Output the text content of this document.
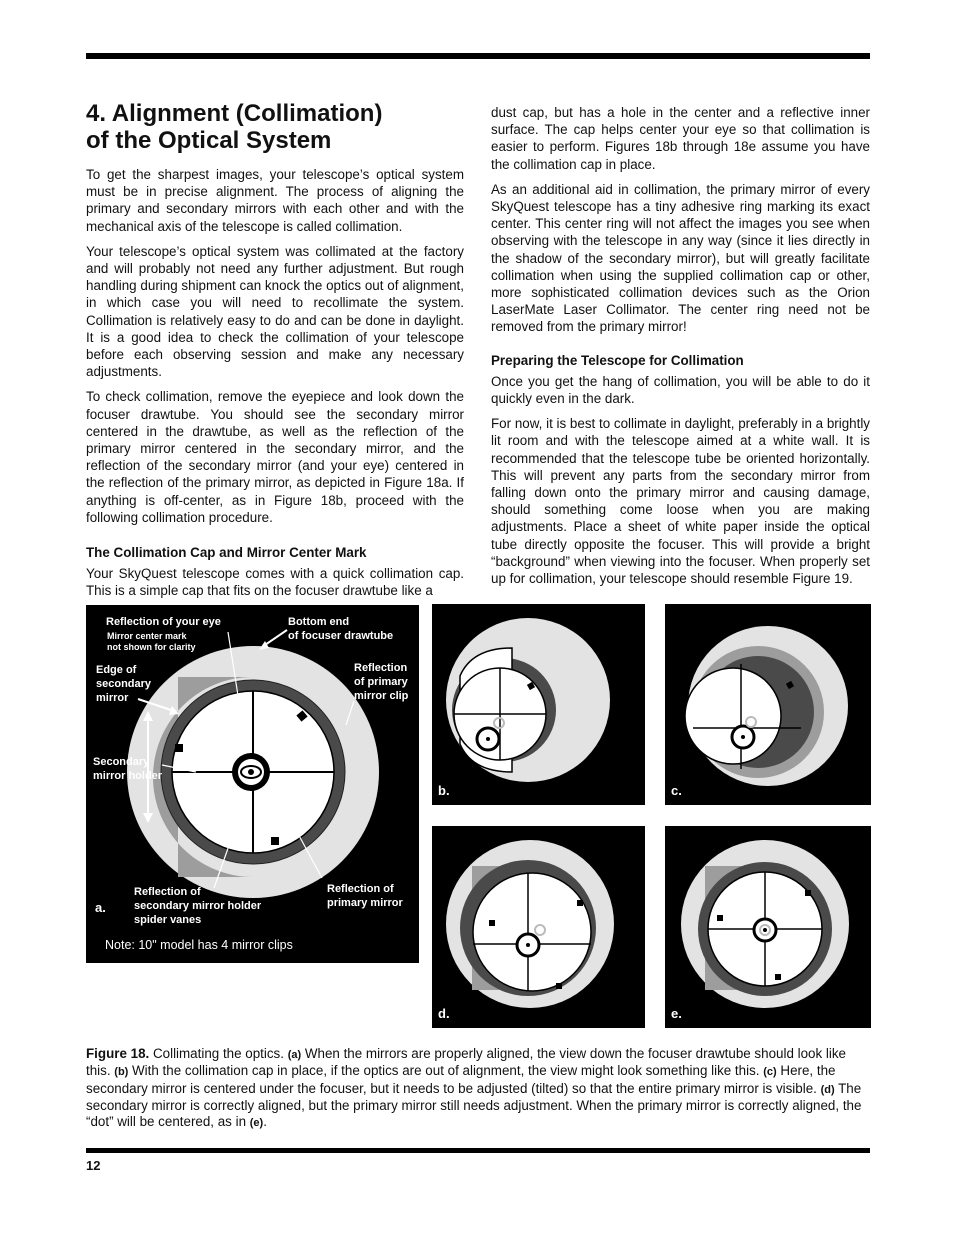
4. Alignment (Collimation)
of the Optical System

To get the sharpest images, your telescope’s optical system must be in precise alignment. The process of aligning the primary and secondary mirrors with each other and with the mechanical axis of the telescope is called collimation.

Your telescope’s optical system was collimated at the factory and will probably not need any further adjustment. But rough handling during shipment can knock the optics out of alignment, in which case you will need to recollimate the system. Collimation is relatively easy to do and can be done in daylight. It is a good idea to check the collimation of your telescope before each observing session and make any necessary adjustments.

To check collimation, remove the eyepiece and look down the focuser drawtube. You should see the secondary mirror centered in the drawtube, as well as the reflection of the primary mirror centered in the secondary mirror, and the reflection of the secondary mirror (and your eye) centered in the reflection of the primary mirror, as depicted in Figure 18a. If anything is off-center, as in Figure 18b, proceed with the following collimation procedure.

The Collimation Cap and Mirror Center Mark

Your SkyQuest telescope comes with a quick collimation cap. This is a simple cap that fits on the focuser drawtube like a

dust cap, but has a hole in the center and a reflective inner surface. The cap helps center your eye so that collimation is easier to perform. Figures 18b through 18e assume you have the collimation cap in place.

As an additional aid in collimation, the primary mirror of every SkyQuest telescope has a tiny adhesive ring marking its exact center. This center ring will not affect the images you see when observing with the telescope in any way (since it lies directly in the shadow of the secondary mirror), but will greatly facilitate collimation when using the supplied collimation cap or other, more sophisticated collimation devices such as the Orion LaserMate Laser Collimator. The center ring need not be removed from the primary mirror!

Preparing the Telescope for Collimation

Once you get the hang of collimation, you will be able to do it quickly even in the dark.

For now, it is best to collimate in daylight, preferably in a brightly lit room and with the telescope aimed at a white wall. It is recommended that the telescope tube be oriented horizontally. This will prevent any parts from the secondary mirror from falling down onto the primary mirror and causing damage, should something come loose when you are making adjustments. Place a sheet of white paper inside the optical tube directly opposite the focuser. This will provide a bright “background” when viewing into the focuser. When properly set up for collimation, your telescope should resemble Figure 19.

Reflection of your eye
Mirror center mark
not shown for clarity
Bottom end
of focuser drawtube
Edge of
secondary
mirror
Reflection
of primary
mirror clip
Secondary
mirror holder
Reflection of
secondary mirror holder
spider vanes
Reflection of
primary mirror
a.
Note: 10" model has 4 mirror clips
b.	c.
d.	e.
Figure 18. Collimating the optics. (a) When the mirrors are properly aligned, the view down the focuser drawtube should look like this. (b) With the collimation cap in place, if the optics are out of alignment, the view might look something like this. (c) Here, the secondary mirror is centered under the focuser, but it needs to be adjusted (tilted) so that the entire primary mirror is visible. (d) The secondary mirror is correctly aligned, but the primary mirror still needs adjustment. When the primary mirror is correctly aligned, the “dot” will be centered, as in (e).
12
